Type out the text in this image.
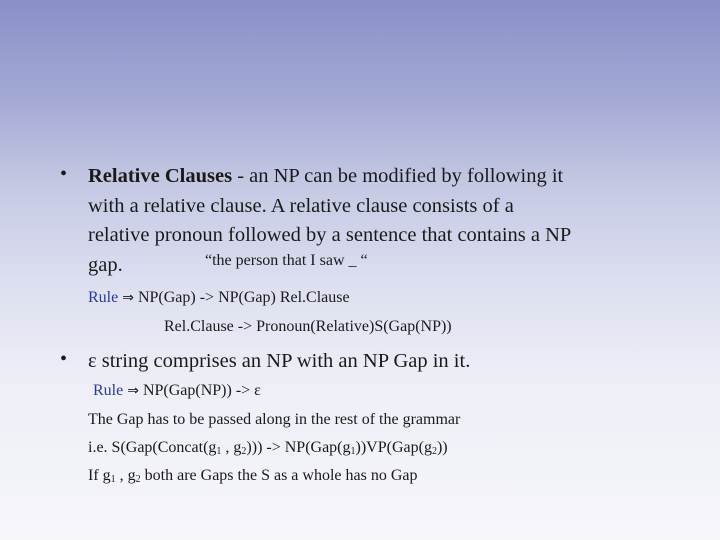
• Relative Clauses - an NP can be modified by following it
with a relative clause. A relative clause consists of a
relative pronoun followed by a sentence that contains a NP
gap.	“the person that I saw _ “
Rule ⇒ NP(Gap) -> NP(Gap) Rel.Clause
Rel.Clause -> Pronoun(Relative)S(Gap(NP))
• ε string comprises an NP with an NP Gap in it.
Rule ⇒ NP(Gap(NP)) -> ε
The Gap has to be passed along in the rest of the grammar
i.e. $S(Gap(Concat(g_1$ , $g_2))) -> NP(Gap(g_1))VP(Gap(g_2))$
If $g_1$ , $g_2$ both are Gaps the S as a whole has no Gap
